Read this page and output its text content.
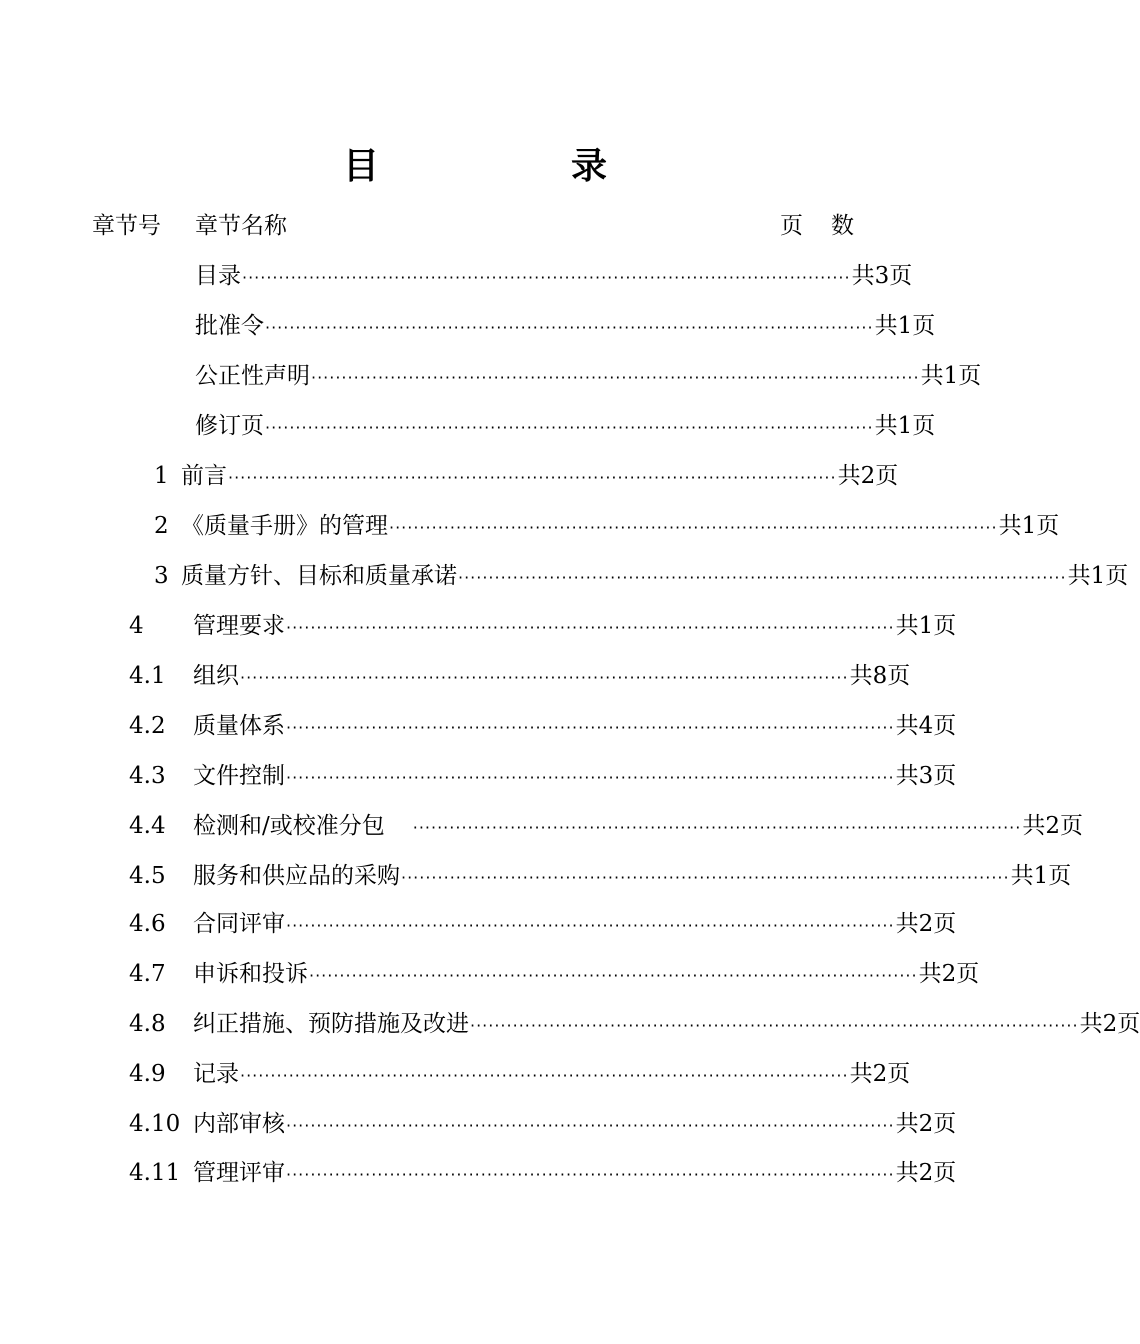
目	录
章节号 章节名称	页 数
目录 ···································································································· 共3页
批准令 ···································································································· 共1页
公正性声明 ···································································································· 共1页
修订页 ···································································································· 共1页
1 前言 ···································································································· 共2页
2 《质量手册》的管理 ···································································································· 共1页
3 质量方针、目标和质量承诺 ···································································································· 共1页
4 管理要求 ···································································································· 共1页
4.1 组织 ···································································································· 共8页
4.2 质量体系 ···································································································· 共4页
4.3 文件控制 ···································································································· 共3页
4.4 检测和/或校准分包	···································································································· 共2页
4.5 服务和供应品的采购 ···································································································· 共1页
4.6 合同评审 ···································································································· 共2页
4.7 申诉和投诉 ···································································································· 共2页
4.8 纠正措施、预防措施及改进 ···································································································· 共2页
4.9 记录 ···································································································· 共2页
4.10 内部审核 ···································································································· 共2页
4.11 管理评审 ···································································································· 共2页
